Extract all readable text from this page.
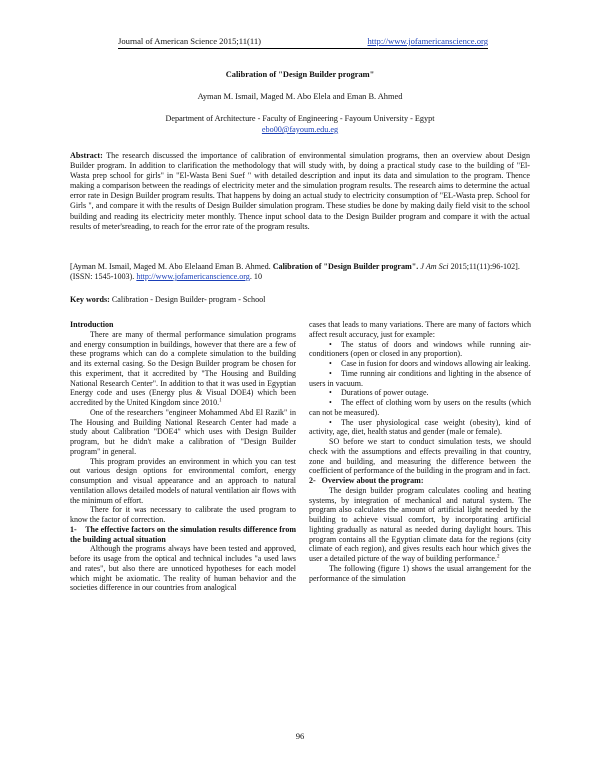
Journal of American Science 2015;11(11)	http://www.jofamericanscience.org
Calibration of "Design Builder program"
Ayman M. Ismail, Maged M. Abo Elela and Eman B. Ahmed
Department of Architecture - Faculty of Engineering - Fayoum University - Egypt
ebo00@fayoum.edu.eg
Abstract: The research discussed the importance of calibration of environmental simulation programs, then an overview about Design Builder program. In addition to clarification the methodology that will study with, by doing a practical study case to the building of "El- Wasta prep school for girls" in "El-Wasta Beni Suef " with detailed description and input its data and simulation to the program. Thence making a comparison between the readings of electricity meter and the simulation program results. The research aims to determine the actual error rate in Design Builder program results. That happens by doing an actual study to electricity consumption of "EL-Wasta prep. School for Girls ", and compare it with the results of Design Builder simulation program. These studies be done by making daily field visit to the school building and reading its electricity meter monthly. Thence input school data to the Design Builder program and compare it with the actual results of meter'sreading, to reach for the error rate of the program results.
[Ayman M. Ismail, Maged M. Abo Elelaand Eman B. Ahmed. Calibration of "Design Builder program". J Am Sci 2015;11(11):96-102]. (ISSN: 1545-1003). http://www.jofamericanscience.org. 10
Key words: Calibration - Design Builder- program - School

Introduction

There are many of thermal performance simulation programs and energy consumption in buildings, however that there are a few of these programs which can do a complete simulation to the building and its external casing. So the Design Builder program be chosen for this experiment, that it accredited by "The Housing and Building National Research Center". In addition to that it was used in Egyptian Energy code and uses (Energy plus & Visual DOE4) which been accredited by the United Kingdom since 2010.$^1$

One of the researchers "engineer Mohammed Abd El Razik" in The Housing and Building National Research Center had made a study about Calibration "DOE4" which uses with Design Builder program, but he didn't make a calibration of "Design Builder program" in general.

This program provides an environment in which you can test out various design options for environmental comfort, energy consumption and visual appearance and an approach to natural ventilation allows detailed models of natural ventilation air flows with the minimum of effort.

There for it was necessary to calibrate the used program to know the factor of correction.

1-    The effective factors on the simulation results difference from the building actual situation

Although the programs always have been tested and approved, before its usage from the optical and technical includes "a used laws and rates", but also there are unnoticed hypotheses for each model which might be axiomatic. The reality of human behavior and the societies difference in our countries from analogical

cases that leads to many variations. There are many of factors which affect result accuracy, just for example:

• The status of doors and windows while running air-conditioners (open or closed in any proportion).

• Case in fusion for doors and windows allowing air leaking.

• Time running air conditions and lighting in the absence of users in vacuum.

• Durations of power outage.

• The effect of clothing worn by users on the results (which can not be measured).

• The user physiological case weight (obesity), kind of activity, age, diet, health status and gender (male or female).

SO before we start to conduct simulation tests, we should check with the assumptions and effects prevailing in that country, zone and building, and measuring the difference between the coefficient of performance of the building in the program and in fact.

2-   Overview about the program:

The design builder program calculates cooling and heating systems, by integration of mechanical and natural system. The program also calculates the amount of artificial light needed by the building to achieve visual comfort, by incorporating artificial lighting gradually as natural as needed during daylight hours. This program contains all the Egyptian climate data for the regions (city climate of each region), and gives results each hour which gives the user a detailed picture of the way of building performance.$^2$

The following (figure 1) shows the usual arrangement for the performance of the simulation

96
